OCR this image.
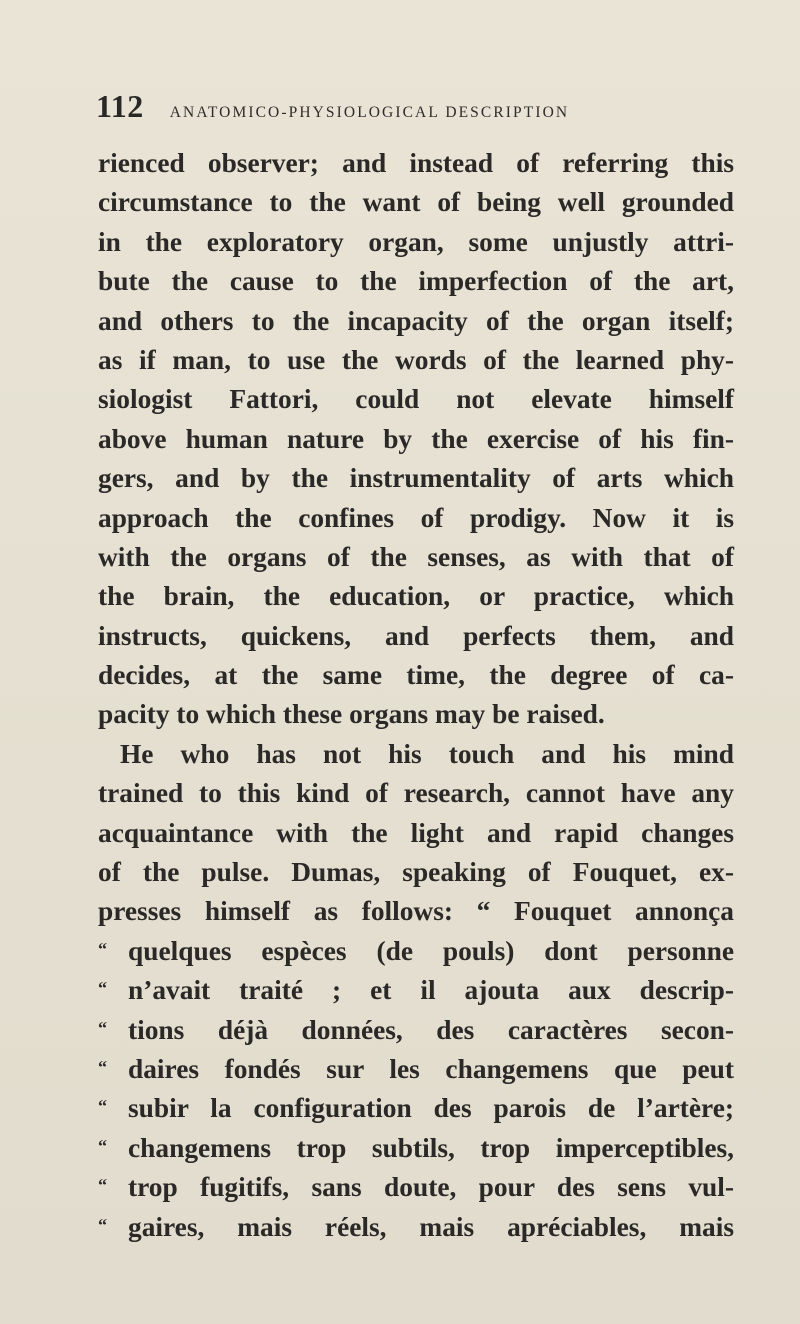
112 ANATOMICO-PHYSIOLOGICAL DESCRIPTION
rienced observer; and instead of referring this
circumstance to the want of being well grounded
in the exploratory organ, some unjustly attri-
bute the cause to the imperfection of the art,
and others to the incapacity of the organ itself;
as if man, to use the words of the learned phy-
siologist Fattori, could not elevate himself
above human nature by the exercise of his fin-
gers, and by the instrumentality of arts which
approach the confines of prodigy. Now it is
with the organs of the senses, as with that of
the brain, the education, or practice, which
instructs, quickens, and perfects them, and
decides, at the same time, the degree of ca-
pacity to which these organs may be raised.
He who has not his touch and his mind
trained to this kind of research, cannot have any
acquaintance with the light and rapid changes
of the pulse. Dumas, speaking of Fouquet, ex-
presses himself as follows: “ Fouquet annonça
“ quelques espèces (de pouls) dont personne
“ n’avait traité ; et il ajouta aux descrip-
“ tions déjà données, des caractères secon-
“ daires fondés sur les changemens que peut
“ subir la configuration des parois de l’artère;
“ changemens trop subtils, trop imperceptibles,
“ trop fugitifs, sans doute, pour des sens vul-
“ gaires, mais réels, mais apréciables, mais
